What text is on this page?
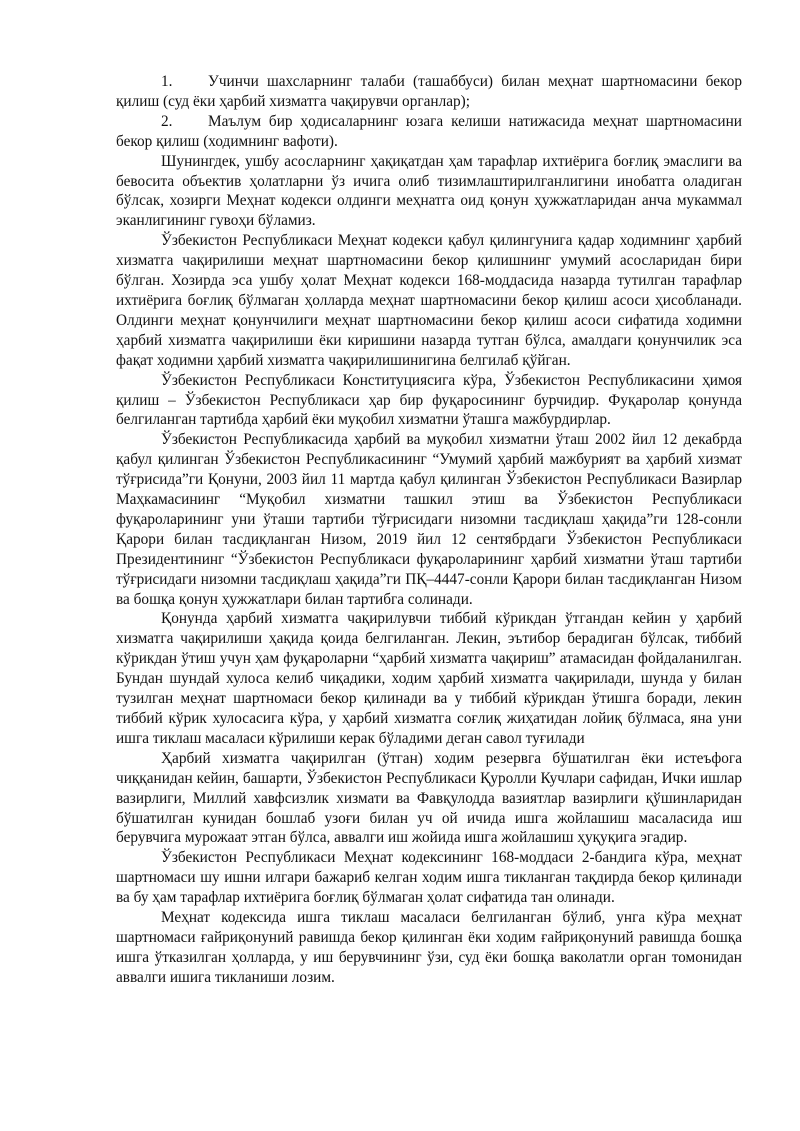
1. Учинчи шахсларнинг талаби (ташаббуси) билан меҳнат шартномасини бекор қилиш (суд ёки ҳарбий хизматга чақирувчи органлар);

2. Маълум бир ҳодисаларнинг юзага келиши натижасида меҳнат шартномасини бекор қилиш (ходимнинг вафоти).

Шунингдек, ушбу асосларнинг ҳақиқатдан ҳам тарафлар ихтиёрига боғлиқ эмаслиги ва бевосита объектив ҳолатларни ўз ичига олиб тизимлаштирилганлигини инобатга оладиган бўлсак, хозирги Меҳнат кодекси олдинги меҳнатга оид қонун ҳужжатларидан анча мукаммал эканлигининг гувоҳи бўламиз.

Ўзбекистон Республикаси Меҳнат кодекси қабул қилингунига қадар ходимнинг ҳарбий хизматга чақирилиши меҳнат шартномасини бекор қилишнинг умумий асосларидан бири бўлган. Хозирда эса ушбу ҳолат Меҳнат кодекси 168-моддасида назарда тутилган тарафлар ихтиёрига боғлиқ бўлмаган ҳолларда меҳнат шартномасини бекор қилиш асоси ҳисобланади. Олдинги меҳнат қонунчилиги меҳнат шартномасини бекор қилиш асоси сифатида ходимни ҳарбий хизматга чақирилиши ёки киришини назарда тутган бўлса, амалдаги қонунчилик эса фақат ходимни ҳарбий хизматга чақирилишинигина белгилаб қўйган.

Ўзбекистон Республикаси Конституциясига кўра, Ўзбекистон Республикасини ҳимоя қилиш – Ўзбекистон Республикаси ҳар бир фуқаросининг бурчидир. Фуқаролар қонунда белгиланган тартибда ҳарбий ёки муқобил хизматни ўташга мажбурдирлар.

Ўзбекистон Республикасида ҳарбий ва муқобил хизматни ўташ 2002 йил 12 декабрда қабул қилинган Ўзбекистон Республикасининг “Умумий ҳарбий мажбурият ва ҳарбий хизмат тўғрисида”ги Қонуни, 2003 йил 11 мартда қабул қилинган Ўзбекистон Республикаси Вазирлар Маҳкамасининг “Муқобил хизматни ташкил этиш ва Ўзбекистон Республикаси фуқароларининг уни ўташи тартиби тўғрисидаги низомни тасдиқлаш ҳақида”ги 128-сонли Қарори билан тасдиқланган Низом, 2019 йил 12 сентябрдаги Ўзбекистон Республикаси Президентининг “Ўзбекистон Республикаси фуқароларининг ҳарбий хизматни ўташ тартиби тўғрисидаги низомни тасдиқлаш ҳақида”ги ПҚ–4447-сонли Қарори билан тасдиқланган Низом ва бошқа қонун ҳужжатлари билан тартибга солинади.

Қонунда ҳарбий хизматга чақирилувчи тиббий кўрикдан ўтгандан кейин у ҳарбий хизматга чақирилиши ҳақида қоида белгиланган. Лекин, эътибор берадиган бўлсак, тиббий кўрикдан ўтиш учун ҳам фуқароларни “ҳарбий хизматга чақириш” атамасидан фойдаланилган. Бундан шундай хулоса келиб чиқадики, ходим ҳарбий хизматга чақирилади, шунда у билан тузилган меҳнат шартномаси бекор қилинади ва у тиббий кўрикдан ўтишга боради, лекин тиббий кўрик хулосасига кўра, у ҳарбий хизматга соғлиқ жиҳатидан лойиқ бўлмаса, яна уни ишга тиклаш масаласи кўрилиши керак бўладими деган савол туғилади

Ҳарбий хизматга чақирилган (ўтган) ходим резервга бўшатилган ёки истеъфога чиққанидан кейин, башарти, Ўзбекистон Республикаси Қуролли Кучлари сафидан, Ички ишлар вазирлиги, Миллий хавфсизлик хизмати ва Фавқулодда вазиятлар вазирлиги қўшинларидан бўшатилган кунидан бошлаб узоғи билан уч ой ичида ишга жойлашиш масаласида иш берувчига мурожаат этган бўлса, аввалги иш жойида ишга жойлашиш ҳуқуқига эгадир.

Ўзбекистон Республикаси Меҳнат кодексининг 168-моддаси 2-бандига кўра, меҳнат шартномаси шу ишни илгари бажариб келган ходим ишга тикланган тақдирда бекор қилинади ва бу ҳам тарафлар ихтиёрига боғлиқ бўлмаган ҳолат сифатида тан олинади.

Меҳнат кодексида ишга тиклаш масаласи белгиланган бўлиб, унга кўра меҳнат шартномаси ғайриқонуний равишда бекор қилинган ёки ходим ғайриқонуний равишда бошқа ишга ўтказилган ҳолларда, у иш берувчининг ўзи, суд ёки бошқа ваколатли орган томонидан аввалги ишига тикланиши лозим.
